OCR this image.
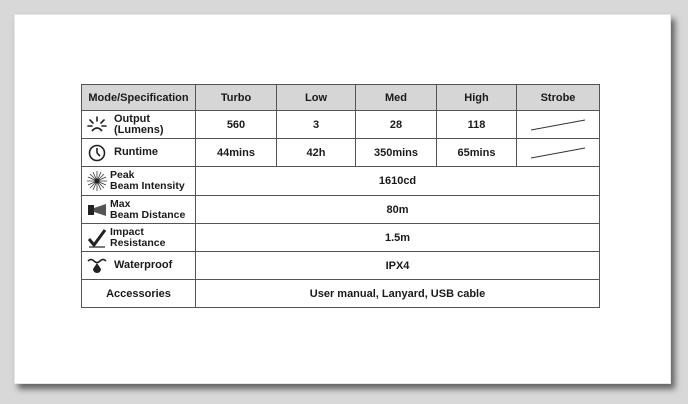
Mode/Specification	Turbo	Low	Med	High	Strobe

Output (Lumens)	560	3	28	118	

Runtime	44mins	42h	350mins	65mins	

Peak
Beam Intensity	1610cd				

Max
Beam Distance	80m				

Impact
Resistance	1.5m				

Waterproof	IPX4				
Accessories	User manual, Lanyard, USB cable				
